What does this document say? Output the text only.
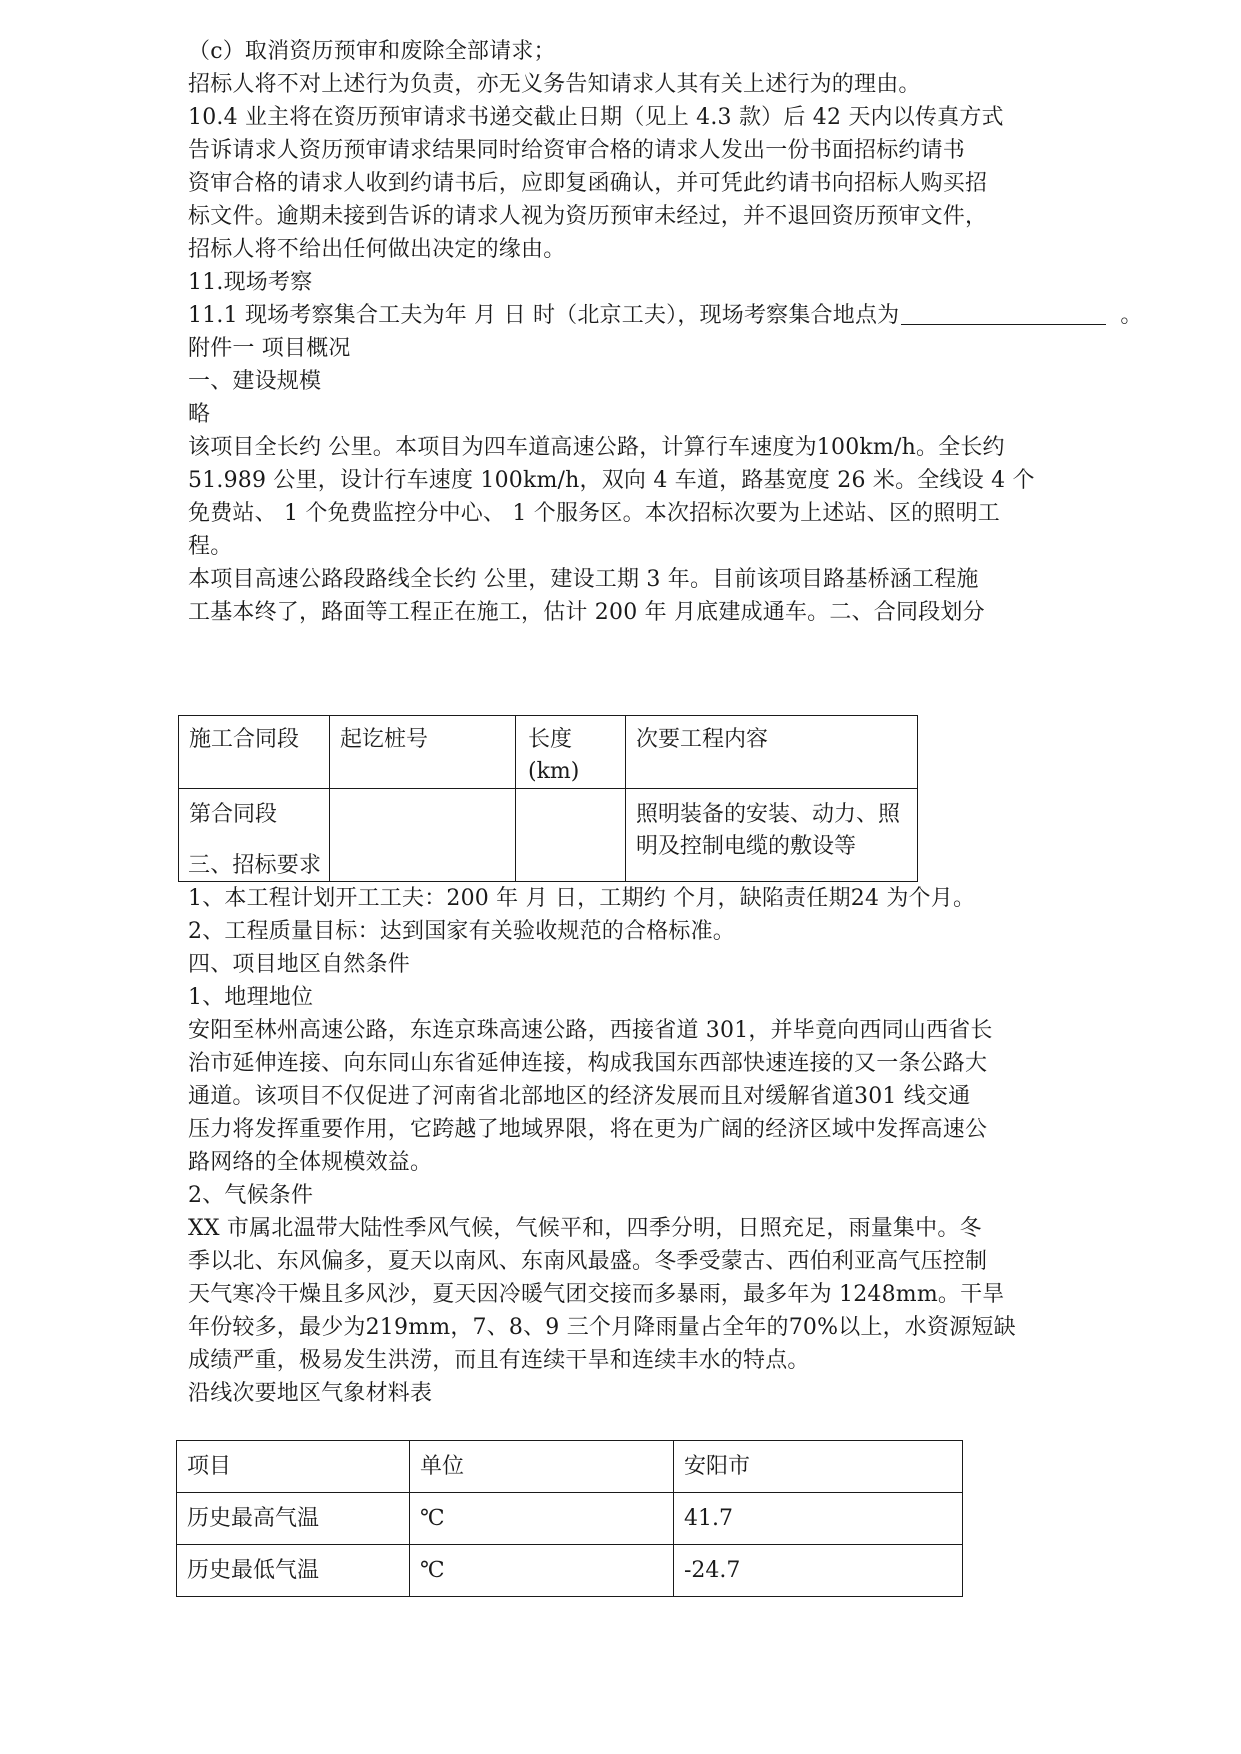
（c）取消资历预审和废除全部请求；
招标人将不对上述行为负责，亦无义务告知请求人其有关上述行为的理由。
10.4 业主将在资历预审请求书递交截止日期（见上 4.3 款）后 42 天内以传真方式
告诉请求人资历预审请求结果同时给资审合格的请求人发出一份书面招标约请书
资审合格的请求人收到约请书后，应即复函确认，并可凭此约请书向招标人购买招
标文件。逾期未接到告诉的请求人视为资历预审未经过，并不退回资历预审文件，
招标人将不给出任何做出决定的缘由。
11.现场考察
11.1 现场考察集合工夫为年 月 日 时（北京工夫），现场考察集合地点为	。
附件一 项目概况
一、建设规模
略
该项目全长约 公里。本项目为四车道高速公路，计算行车速度为100km/h。全长约
51.989 公里，设计行车速度 100km/h，双向 4 车道，路基宽度 26 米。全线设 4 个
免费站、 1 个免费监控分中心、 1 个服务区。本次招标次要为上述站、区的照明工
程。
本项目高速公路段路线全长约 公里，建设工期 3 年。目前该项目路基桥涵工程施
工基本终了，路面等工程正在施工，估计 200 年 月底建成通车。二、合同段划分
施工合同段	起讫桩号	长度(km)	次要工程内容
第合同段			照明装备的安装、动力、照明及控制电缆的敷设等
三、招标要求
1、本工程计划开工工夫：200 年 月 日，工期约 个月，缺陷责任期24 为个月。
2、工程质量目标：达到国家有关验收规范的合格标准。
四、项目地区自然条件
1、地理地位
安阳至林州高速公路，东连京珠高速公路，西接省道 301，并毕竟向西同山西省长
治市延伸连接、向东同山东省延伸连接，构成我国东西部快速连接的又一条公路大
通道。该项目不仅促进了河南省北部地区的经济发展而且对缓解省道301 线交通
压力将发挥重要作用，它跨越了地域界限，将在更为广阔的经济区域中发挥高速公
路网络的全体规模效益。
2、气候条件
XX 市属北温带大陆性季风气候，气候平和，四季分明，日照充足，雨量集中。冬
季以北、东风偏多，夏天以南风、东南风最盛。冬季受蒙古、西伯利亚高气压控制
天气寒冷干燥且多风沙，夏天因冷暖气团交接而多暴雨，最多年为 1248mm。干旱
年份较多，最少为219mm，7、8、9 三个月降雨量占全年的70%以上，水资源短缺
成绩严重，极易发生洪涝，而且有连续干旱和连续丰水的特点。
沿线次要地区气象材料表
项目	单位	安阳市
历史最高气温	℃	41.7
历史最低气温	℃	-24.7
